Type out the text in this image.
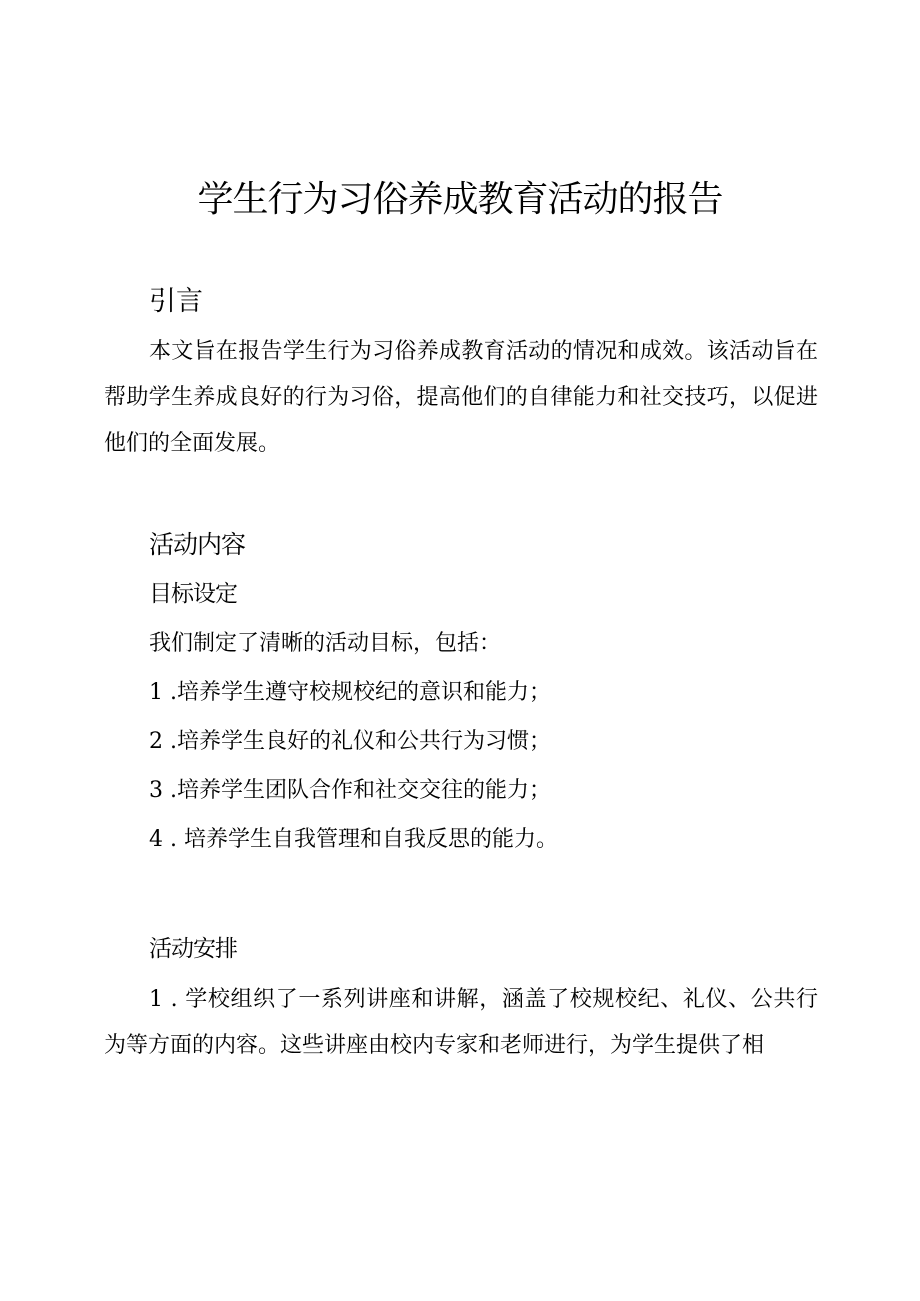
学生行为习俗养成教育活动的报告
引言
本文旨在报告学生行为习俗养成教育活动的情况和成效。该活动旨在帮助学生养成良好的行为习俗，提高他们的自律能力和社交技巧，以促进他们的全面发展。
活动内容
目标设定
我们制定了清晰的活动目标，包括：
1 .培养学生遵守校规校纪的意识和能力；
2 .培养学生良好的礼仪和公共行为习惯；
3 .培养学生团队合作和社交交往的能力；
4 . 培养学生自我管理和自我反思的能力。
活动安排
1 . 学校组织了一系列讲座和讲解，涵盖了校规校纪、礼仪、公共行为等方面的内容。这些讲座由校内专家和老师进行，为学生提供了相
